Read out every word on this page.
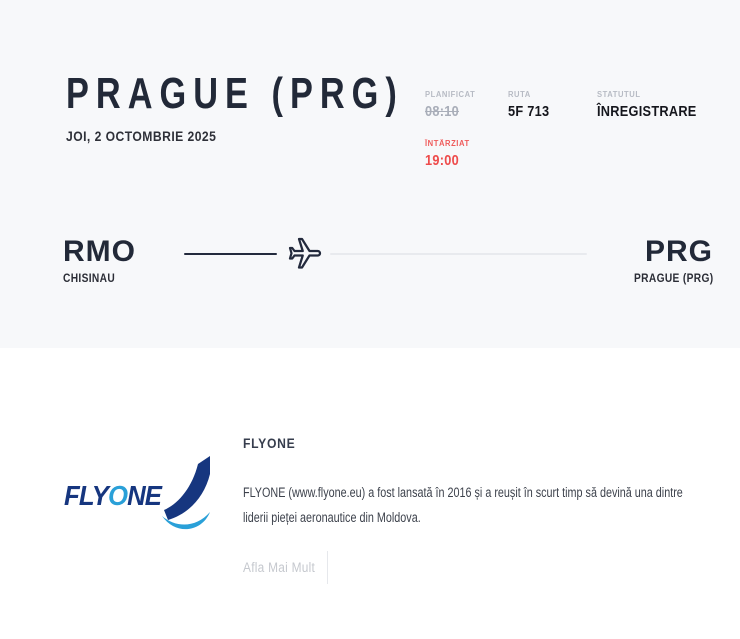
PRAGUE (PRG)
JOI, 2 OCTOMBRIE 2025
PLANIFICAT
08:10
ÎNTÂRZIAT
19:00
RUTA
5F 713
STATUTUL
ÎNREGISTRARE
RMO
CHISINAU
PRG
PRAGUE (PRG)
FLYONE
FLYONE

FLYONE (www.flyone.eu) a fost lansată în 2016 și a reușit în scurt timp să devină una dintre liderii pieței aeronautice din Moldova.

Afla Mai Mult
